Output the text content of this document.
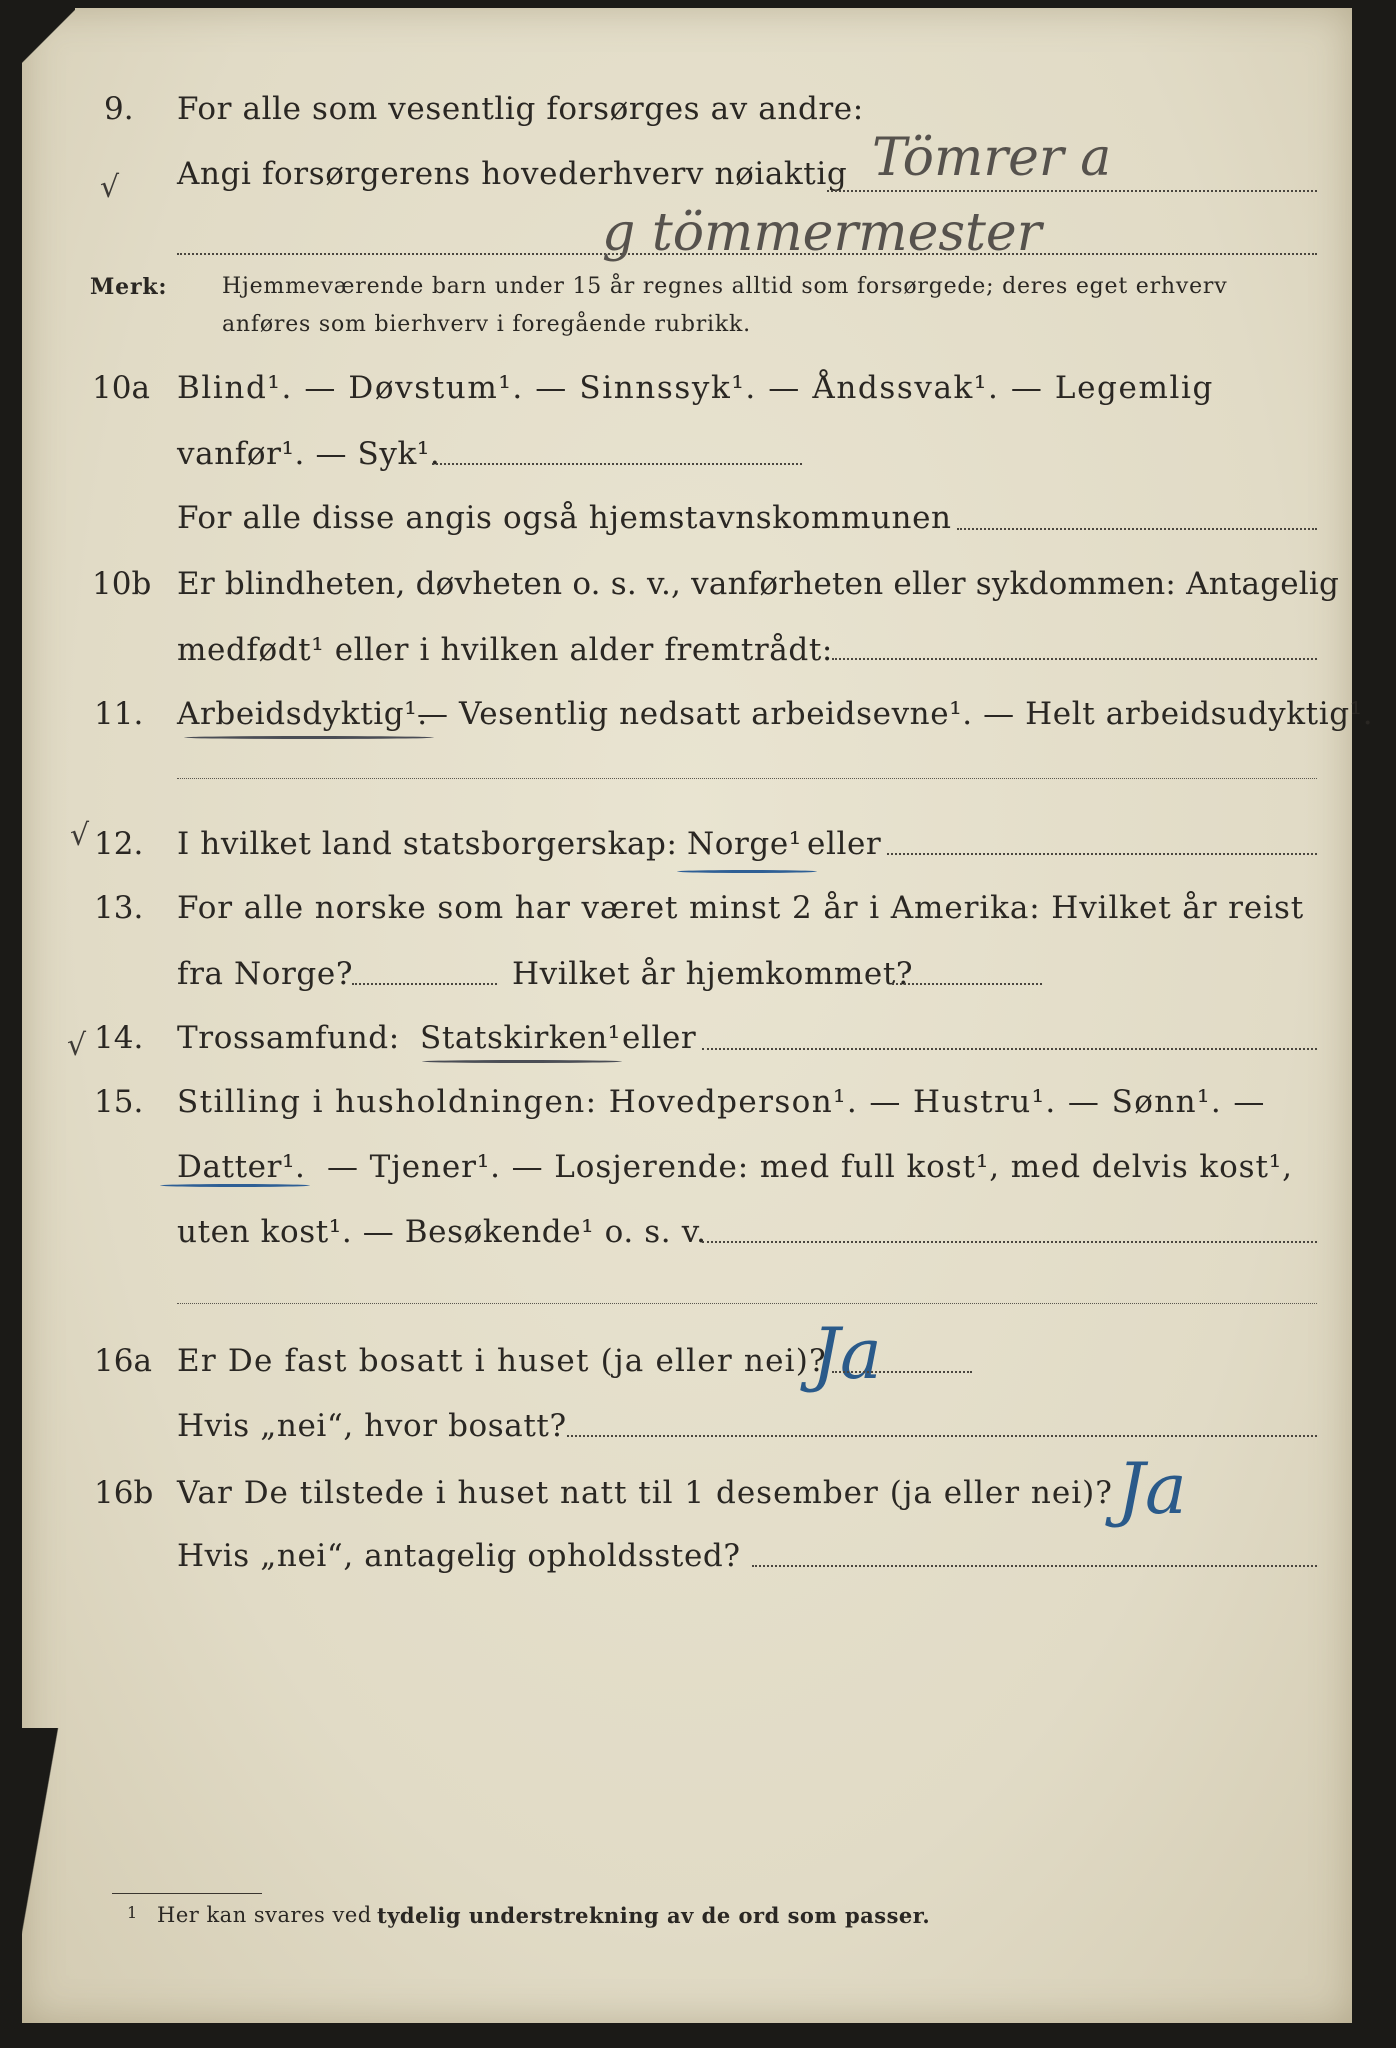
9. For alle som vesentlig forsørges av andre:
√ Angi forsørgerens hovederhverv nøiaktig Tömrer a
g tömmermester
Merk: Hjemmeværende barn under 15 år regnes alltid som forsørgede; deres eget erhverv
anføres som bierhverv i foregående rubrikk.
10a Blind¹. — Døvstum¹. — Sinnssyk¹. — Åndssvak¹. — Legemlig
vanfør¹. — Syk¹.
For alle disse angis også hjemstavnskommunen
10b Er blindheten, døvheten o. s. v., vanførheten eller sykdommen: Antagelig
medfødt¹ eller i hvilken alder fremtrådt:
11. Arbeidsdyktig¹.
— Vesentlig nedsatt arbeidsevne¹. — Helt arbeidsudyktig¹.
√ 12. I hvilket land statsborgerskap: Norge¹ eller
13. For alle norske som har været minst 2 år i Amerika: Hvilket år reist
fra Norge?	Hvilket år hjemkommet?
√ 14. Trossamfund: Statskirken¹ eller
15. Stilling i husholdningen: Hovedperson¹. — Hustru¹. — Sønn¹. —
Datter¹. — Tjener¹. — Losjerende: med full kost¹, med delvis kost¹,
uten kost¹. — Besøkende¹ o. s. v.
16a Er De fast bosatt i huset (ja eller nei)?
Ja
Hvis „nei“, hvor bosatt?
16b Var De tilstede i huset natt til 1 desember (ja eller nei)? Ja
Hvis „nei“, antagelig opholdssted?
1 Her kan svares ved tydelig understrekning av de ord som passer.
